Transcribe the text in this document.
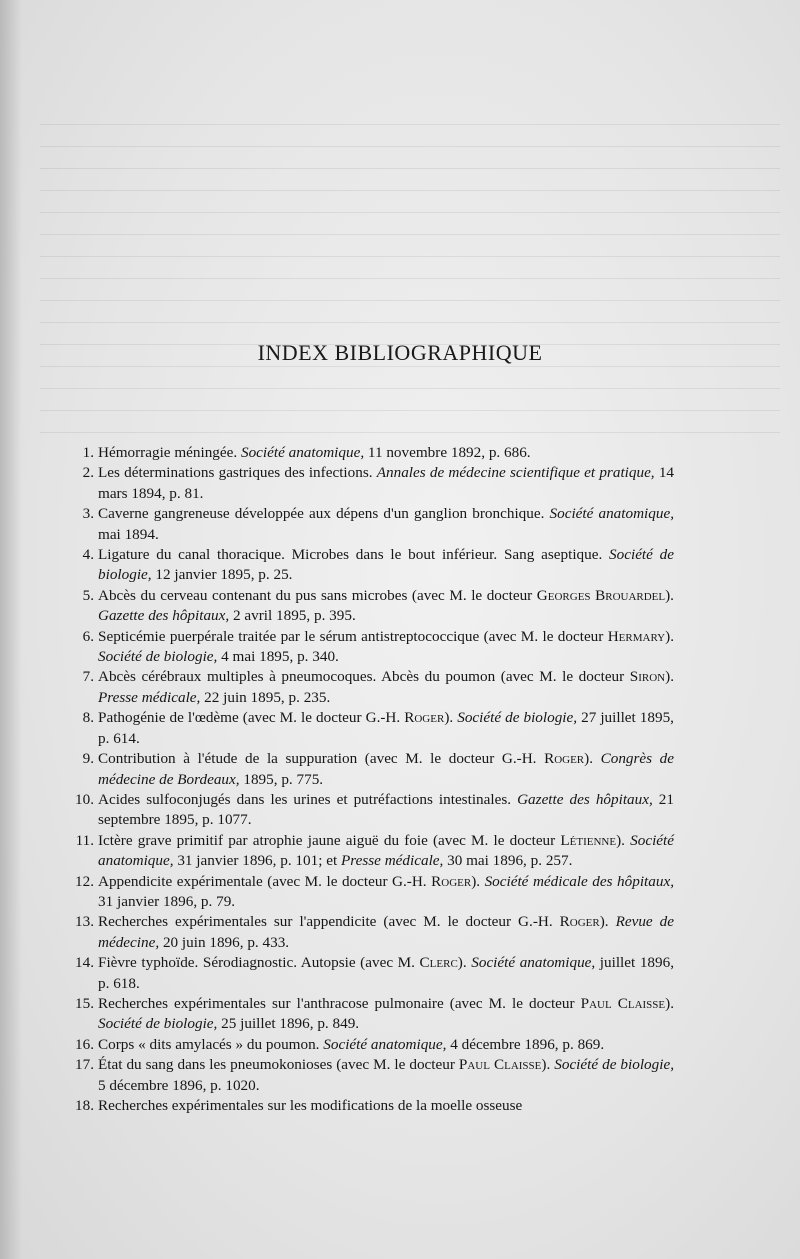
INDEX BIBLIOGRAPHIQUE
1. Hémorragie méningée. Société anatomique, 11 novembre 1892, p. 686.
2. Les déterminations gastriques des infections. Annales de médecine scientifique et pratique, 14 mars 1894, p. 81.
3. Caverne gangreneuse développée aux dépens d'un ganglion bronchique. Société anatomique, mai 1894.
4. Ligature du canal thoracique. Microbes dans le bout inférieur. Sang aseptique. Société de biologie, 12 janvier 1895, p. 25.
5. Abcès du cerveau contenant du pus sans microbes (avec M. le docteur Georges Brouardel). Gazette des hôpitaux, 2 avril 1895, p. 395.
6. Septicémie puerpérale traitée par le sérum antistreptococcique (avec M. le docteur Hermary). Société de biologie, 4 mai 1895, p. 340.
7. Abcès cérébraux multiples à pneumocoques. Abcès du poumon (avec M. le docteur Siron). Presse médicale, 22 juin 1895, p. 235.
8. Pathogénie de l'œdème (avec M. le docteur G.-H. Roger). Société de biologie, 27 juillet 1895, p. 614.
9. Contribution à l'étude de la suppuration (avec M. le docteur G.-H. Roger). Congrès de médecine de Bordeaux, 1895, p. 775.
10. Acides sulfoconjugés dans les urines et putréfactions intestinales. Gazette des hôpitaux, 21 septembre 1895, p. 1077.
11. Ictère grave primitif par atrophie jaune aiguë du foie (avec M. le docteur Létienne). Société anatomique, 31 janvier 1896, p. 101; et Presse médicale, 30 mai 1896, p. 257.
12. Appendicite expérimentale (avec M. le docteur G.-H. Roger). Société médicale des hôpitaux, 31 janvier 1896, p. 79.
13. Recherches expérimentales sur l'appendicite (avec M. le docteur G.-H. Roger). Revue de médecine, 20 juin 1896, p. 433.
14. Fièvre typhoïde. Sérodiagnostic. Autopsie (avec M. Clerc). Société anatomique, juillet 1896, p. 618.
15. Recherches expérimentales sur l'anthracose pulmonaire (avec M. le docteur Paul Claisse). Société de biologie, 25 juillet 1896, p. 849.
16. Corps « dits amylacés » du poumon. Société anatomique, 4 décembre 1896, p. 869.
17. État du sang dans les pneumokonioses (avec M. le docteur Paul Claisse). Société de biologie, 5 décembre 1896, p. 1020.
18. Recherches expérimentales sur les modifications de la moelle osseuse
